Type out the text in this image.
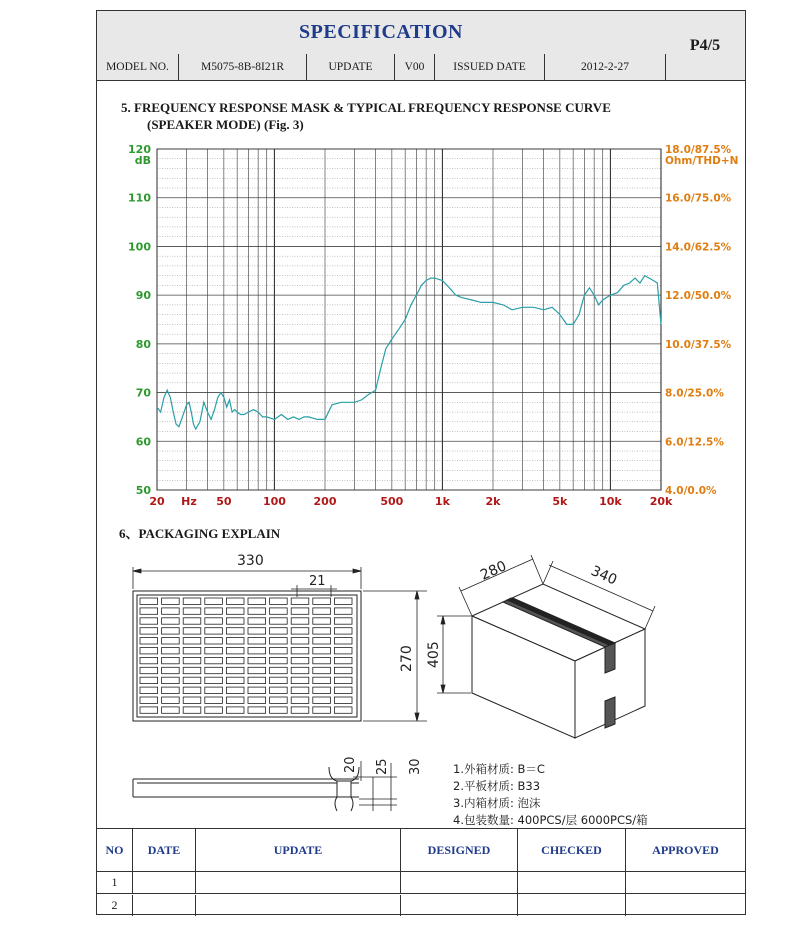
SPECIFICATION
P4/5
MODEL NO.	M5075-8B-8I21R	UPDATE	V00	ISSUED DATE	2012-2-27
5. FREQUENCY RESPONSE MASK & TYPICAL FREQUENCY RESPONSE CURVE
(SPEAKER MODE) (Fig. 3)
120
110
100
90
80
70
60
50
dB
18.0/87.5%
16.0/75.0%
14.0/62.5%
12.0/50.0%
10.0/37.5%
8.0/25.0%
6.0/12.5%
4.0/0.0%
Ohm/THD+N
20 Hz 50	100	200	500	1k	2k	5k	10k	20k
6、PACKAGING EXPLAIN
330
21
270
280	340
405
20 25 30	1.外箱材质: B＝C
2.平板材质: B33
3.内箱材质: 泡沫
4.包装数量: 400PCS/层 6000PCS/箱
NO	DATE	UPDATE	DESIGNED	CHECKED	APPROVED
1
2
